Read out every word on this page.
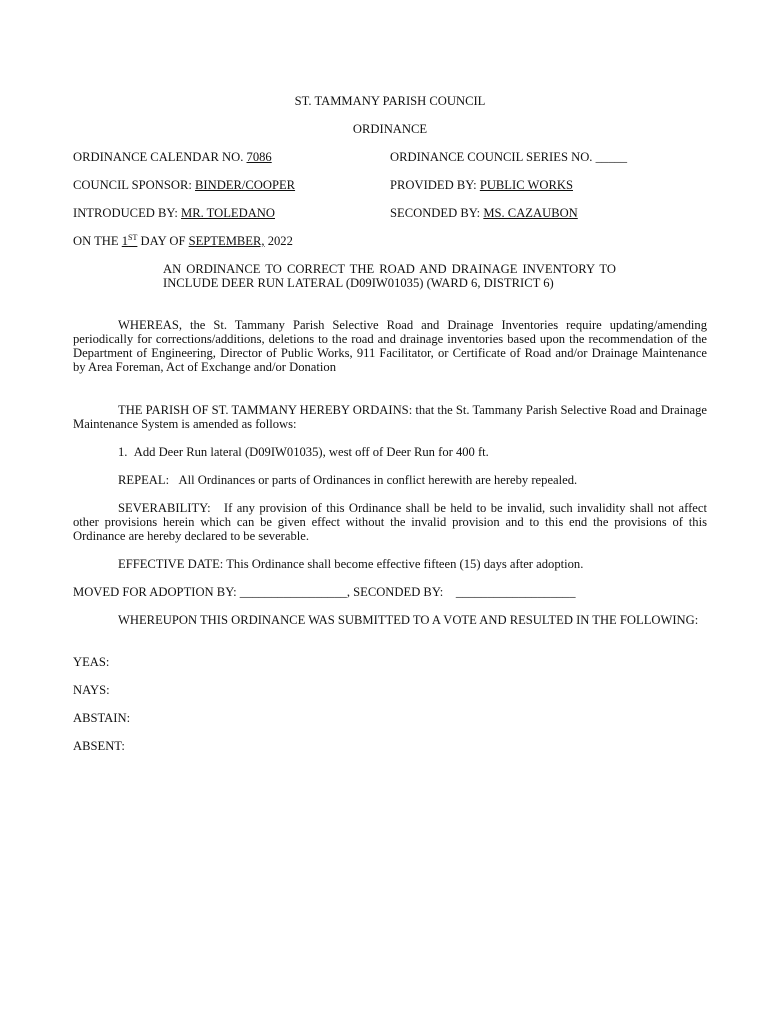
ST. TAMMANY PARISH COUNCIL
ORDINANCE
ORDINANCE CALENDAR NO. 7086	ORDINANCE COUNCIL SERIES NO. _____
COUNCIL SPONSOR: BINDER/COOPER	PROVIDED BY: PUBLIC WORKS
INTRODUCED BY: MR. TOLEDANO	SECONDED BY: MS. CAZAUBON
ON THE 1ST DAY OF SEPTEMBER, 2022
AN ORDINANCE TO CORRECT THE ROAD AND DRAINAGE INVENTORY TO INCLUDE DEER RUN LATERAL (D09IW01035) (WARD 6, DISTRICT 6)
WHEREAS, the St. Tammany Parish Selective Road and Drainage Inventories require updating/amending periodically for corrections/additions, deletions to the road and drainage inventories based upon the recommendation of the Department of Engineering, Director of Public Works, 911 Facilitator, or Certificate of Road and/or Drainage Maintenance by Area Foreman, Act of Exchange and/or Donation
THE PARISH OF ST. TAMMANY HEREBY ORDAINS: that the St. Tammany Parish Selective Road and Drainage Maintenance System is amended as follows:
1.  Add Deer Run lateral (D09IW01035), west off of Deer Run for 400 ft.
REPEAL:   All Ordinances or parts of Ordinances in conflict herewith are hereby repealed.
SEVERABILITY:   If any provision of this Ordinance shall be held to be invalid, such invalidity shall not affect other provisions herein which can be given effect without the invalid provision and to this end the provisions of this Ordinance are hereby declared to be severable.
EFFECTIVE DATE: This Ordinance shall become effective fifteen (15) days after adoption.
MOVED FOR ADOPTION BY: _________________, SECONDED BY:    ___________________
WHEREUPON THIS ORDINANCE WAS SUBMITTED TO A VOTE AND RESULTED IN THE FOLLOWING:
YEAS:
NAYS:
ABSTAIN:
ABSENT:
